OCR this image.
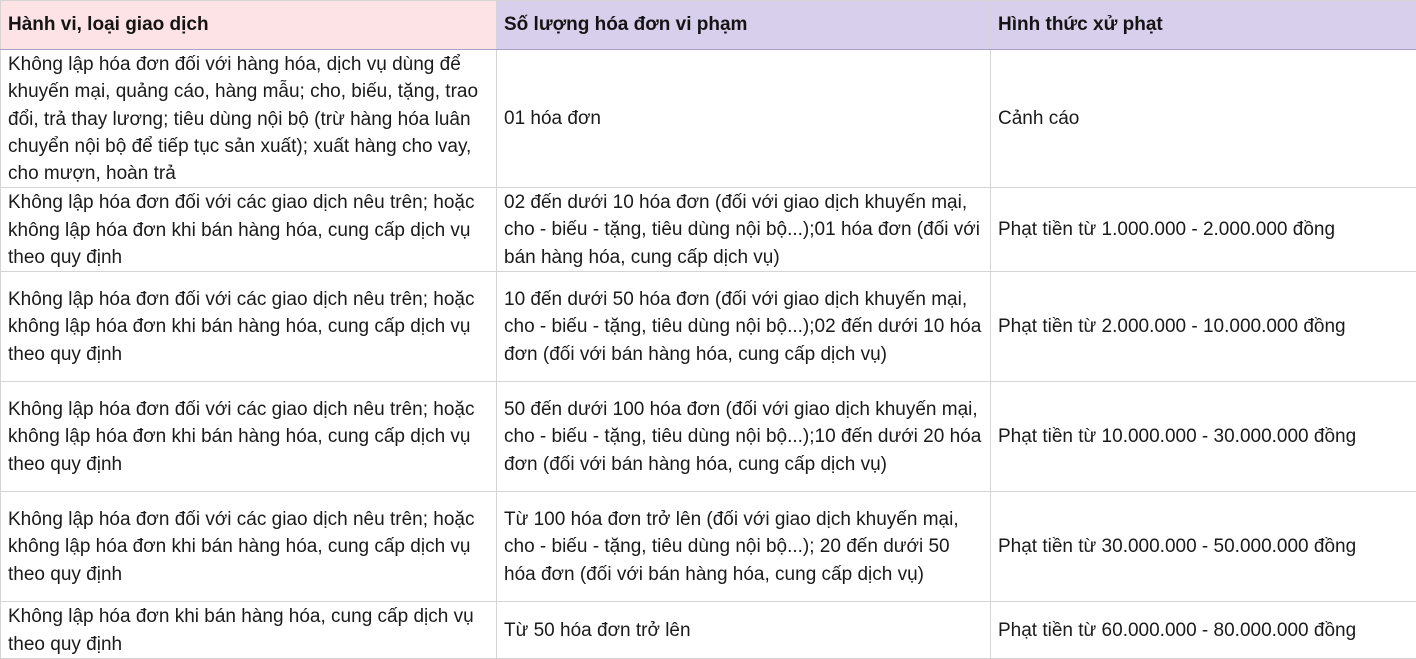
Hành vi, loại giao dịch	Số lượng hóa đơn vi phạm	Hình thức xử phạt
Không lập hóa đơn đối với hàng hóa, dịch vụ dùng để khuyến mại, quảng cáo, hàng mẫu; cho, biếu, tặng, trao đổi, trả thay lương; tiêu dùng nội bộ (trừ hàng hóa luân chuyển nội bộ để tiếp tục sản xuất); xuất hàng cho vay, cho mượn, hoàn trả	01 hóa đơn	Cảnh cáo
Không lập hóa đơn đối với các giao dịch nêu trên; hoặc không lập hóa đơn khi bán hàng hóa, cung cấp dịch vụ theo quy định	02 đến dưới 10 hóa đơn (đối với giao dịch khuyến mại, cho - biếu - tặng, tiêu dùng nội bộ...);01 hóa đơn (đối với bán hàng hóa, cung cấp dịch vụ)	Phạt tiền từ 1.000.000 - 2.000.000 đồng
Không lập hóa đơn đối với các giao dịch nêu trên; hoặc không lập hóa đơn khi bán hàng hóa, cung cấp dịch vụ theo quy định	10 đến dưới 50 hóa đơn (đối với giao dịch khuyến mại, cho - biếu - tặng, tiêu dùng nội bộ...);02 đến dưới 10 hóa đơn (đối với bán hàng hóa, cung cấp dịch vụ)	Phạt tiền từ 2.000.000 - 10.000.000 đồng
Không lập hóa đơn đối với các giao dịch nêu trên; hoặc không lập hóa đơn khi bán hàng hóa, cung cấp dịch vụ theo quy định	50 đến dưới 100 hóa đơn (đối với giao dịch khuyến mại, cho - biếu - tặng, tiêu dùng nội bộ...);10 đến dưới 20 hóa đơn (đối với bán hàng hóa, cung cấp dịch vụ)	Phạt tiền từ 10.000.000 - 30.000.000 đồng
Không lập hóa đơn đối với các giao dịch nêu trên; hoặc không lập hóa đơn khi bán hàng hóa, cung cấp dịch vụ theo quy định	Từ 100 hóa đơn trở lên (đối với giao dịch khuyến mại, cho - biếu - tặng, tiêu dùng nội bộ...); 20 đến dưới 50 hóa đơn (đối với bán hàng hóa, cung cấp dịch vụ)	Phạt tiền từ 30.000.000 - 50.000.000 đồng
Không lập hóa đơn khi bán hàng hóa, cung cấp dịch vụ theo quy định	Từ 50 hóa đơn trở lên	Phạt tiền từ 60.000.000 - 80.000.000 đồng
